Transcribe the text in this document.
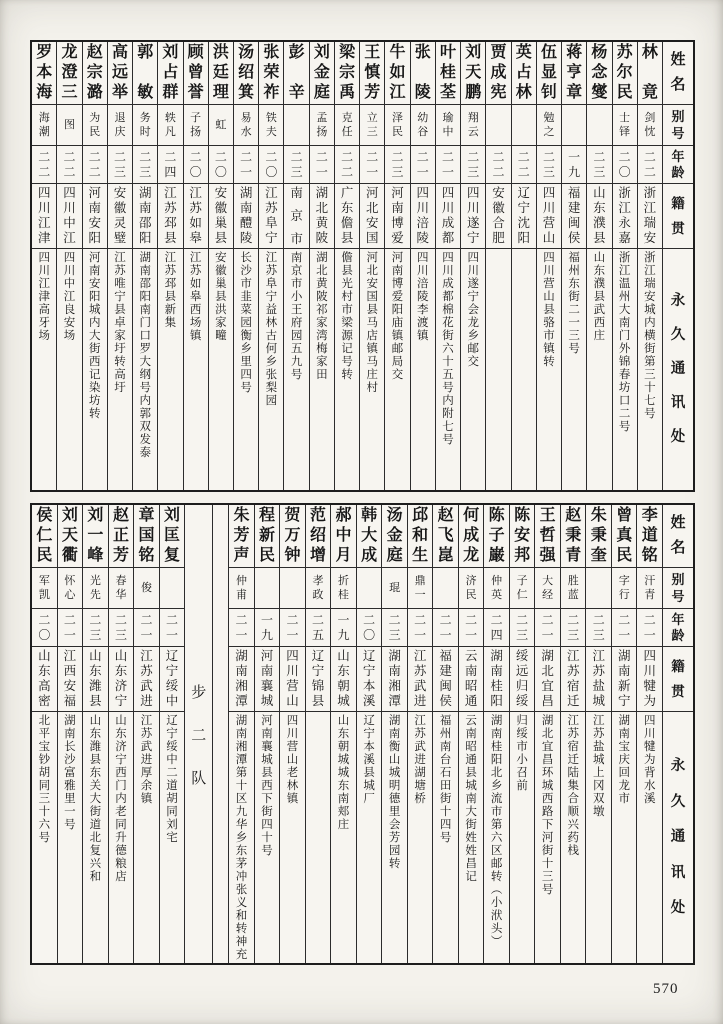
姓
名
别
号
年
龄
籍
贯
永
久
通
讯
处
林
竟
剑
忱
二
二
浙
江
瑞
安
浙
江
瑞
安
城
内
横
街
第
三
十
七
号
苏
尔
民
士
铎
二
〇
浙
江
永
嘉
浙
江
温
州
大
南
门
外
锦
春
坊
口
二
号
杨
念
燮
二
三
山
东
濮
县
山
东
濮
县
武
西
庄
蒋
亨
章
一
九
福
建
闽
侯
福
州
东
街
二
一
三
号
伍
显
钊
勉
之
二
三
四
川
营
山
四
川
营
山
县
骆
市
镇
转
英
占
林
二
二
辽
宁
沈
阳
贾
成
宪
二
二
安
徽
合
肥
刘
天
鹏
翔
云
二
三
四
川
遂
宁
四
川
遂
宁
会
龙
乡
邮
交
叶
桂
荃
瑜
中
二
一
四
川
成
都
四
川
成
都
棉
花
街
六
十
五
号
内
附
七
号
张
陵
幼
谷
二
一
四
川
涪
陵
四
川
涪
陵
李
渡
镇
牛
如
江
泽
民
二
三
河
南
博
爱
河
南
博
爱
阳
庙
镇
邮
局
交
王
慎
芳
立
三
二
一
河
北
安
国
河
北
安
国
县
马
店
镇
马
庄
村
梁
宗
禹
克
任
二
二
广
东
儋
县
儋
县
光
村
市
梁
源
记
号
转
刘
金
庭
孟
扬
二
一
湖
北
黄
陂
湖
北
黄
陂
祁
家
湾
梅
家
田
彭
辛
二
三
南
京
市
南
京
市
小
王
府
园
五
九
号
张
荣
祚
铁
夫
二
〇
江
苏
阜
宁
江
苏
阜
宁
益
林
古
何
乡
张
梨
园
汤
绍
箕
易
水
二
一
湖
南
醴
陵
长
沙
市
韭
菜
园
衡
乡
里
四
号
洪
廷
理
虹
二
〇
安
徽
巢
县
安
徽
巢
县
洪
家
疃
顾
曾
誉
子
扬
二
〇
江
苏
如
皋
江
苏
如
皋
西
场
镇
刘
占
群
轶
凡
二
四
江
苏
邳
县
江
苏
邳
县
新
集
郭
敏
务
时
二
三
湖
南
邵
阳
湖
南
邵
阳
南
门
口
罗
大
纲
号
内
郭
双
发
泰
高
远
举
退
庆
二
三
安
徽
灵
璧
江
苏
唯
宁
县
卓
家
圩
转
高
圩
赵
宗
潞
为
民
二
二
河
南
安
阳
河
南
安
阳
城
内
大
街
西
记
染
坊
转
龙
澄
三
图
二
二
四
川
中
江
四
川
中
江
良
安
场
罗
本
海
海
潮
二
二
四
川
江
津
四
川
江
津
高
牙
场
姓
名
别
号
年
龄
籍
贯
永
久
通
讯
处
李
道
铭
汗
青
二
一
四
川
犍
为
四
川
犍
为
背
水
溪
曾
真
民
字
行
二
一
湖
南
新
宁
湖
南
宝
庆
回
龙
市
朱
秉
奎
二
三
江
苏
盐
城
江
苏
盐
城
上
冈
双
墩
赵
秉
青
胜
蓝
二
三
江
苏
宿
迁
江
苏
宿
迁
陆
集
合
顺
兴
药
栈
王
哲
强
大
经
二
一
湖
北
宜
昌
湖
北
宜
昌
环
城
西
路
下
河
街
十
三
号
陈
安
邦
子
仁
二
三
绥
远
归
绥
归
绥
市
小
召
前
陈
子
巌
仲
英
二
四
湖
南
桂
阳
湖
南
桂
阳
北
乡
流
市
第
六
区
邮
转
︵
小
洑
头
︶
何
成
龙
济
民
二
一
云
南
昭
通
云
南
昭
通
县
城
南
大
街
姓
姓
昌
记
赵
飞
崑
二
一
福
建
闽
侯
福
州
南
台
石
田
街
十
四
号
邱
和
生
鼎
一
二
一
江
苏
武
进
江
苏
武
进
湖
塘
桥
汤
金
庭
琨
二
三
湖
南
湘
潭
湖
南
衡
山
城
明
德
里
会
芳
园
转
韩
大
成
二
〇
辽
宁
本
溪
辽
宁
本
溪
县
城
厂
郝
中
月
折
桂
一
九
山
东
朝
城
山
东
朝
城
城
东
南
郏
庄
范
绍
增
孝
政
二
五
辽
宁
锦
县
贺
万
钟
二
一
四
川
营
山
四
川
营
山
老
林
镇
程
新
民
一
九
河
南
襄
城
河
南
襄
城
县
西
下
街
四
十
号
朱
芳
声
仲
甫
二
一
湖
南
湘
潭
湖
南
湘
潭
第
十
区
九
华
乡
东
茅
冲
张
义
和
转
神
充
步
二
队
刘
匡
复
二
一
辽
宁
绥
中
辽
宁
绥
中
二
道
胡
同
刘
宅
章
国
铭
俊
二
一
江
苏
武
进
江
苏
武
进
厚
余
镇
赵
正
芳
春
华
二
三
山
东
济
宁
山
东
济
宁
西
门
内
老
同
升
德
粮
店
刘
一
峰
光
先
二
三
山
东
潍
县
山
东
潍
县
东
关
大
街
道
北
复
兴
和
刘
天
衢
怀
心
二
一
江
西
安
福
湖
南
长
沙
富
雅
里
一
号
侯
仁
民
军
凯
二
〇
山
东
高
密
北
平
宝
钞
胡
同
三
十
六
号
570
